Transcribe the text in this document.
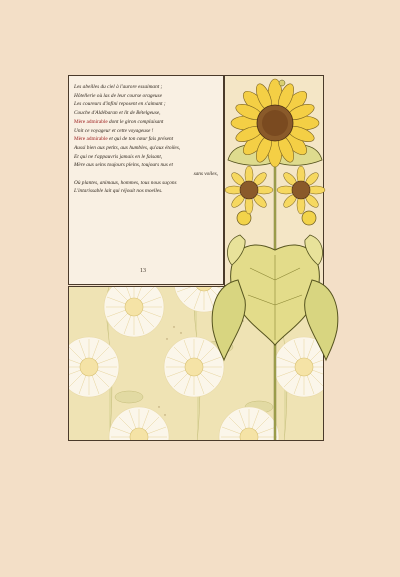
Les abeilles du ciel à l'aurore essaimant ;
Hôtellerie où las de leur course orageuse
Les coureurs d'infini reposent en s'aimant ;
Couche d'Aldébaran et lit de Bételgeuse,
Mère admirable dont le giron complaisant
Unit ce voyageur et cette voyageuse !
Mère admirable et qui de ton cœur fais présent
Aussi bien aux petits, aux humbles, qu'aux étoiles,
Et qui ne t'appauvris jamais en le faisant,
Mère aux seins toujours pleins, toujours nus et
sans voiles,
Où plantes, animaux, hommes, tous nous suçons
L'intarissable lait qui réjouit nos moelles.
13
